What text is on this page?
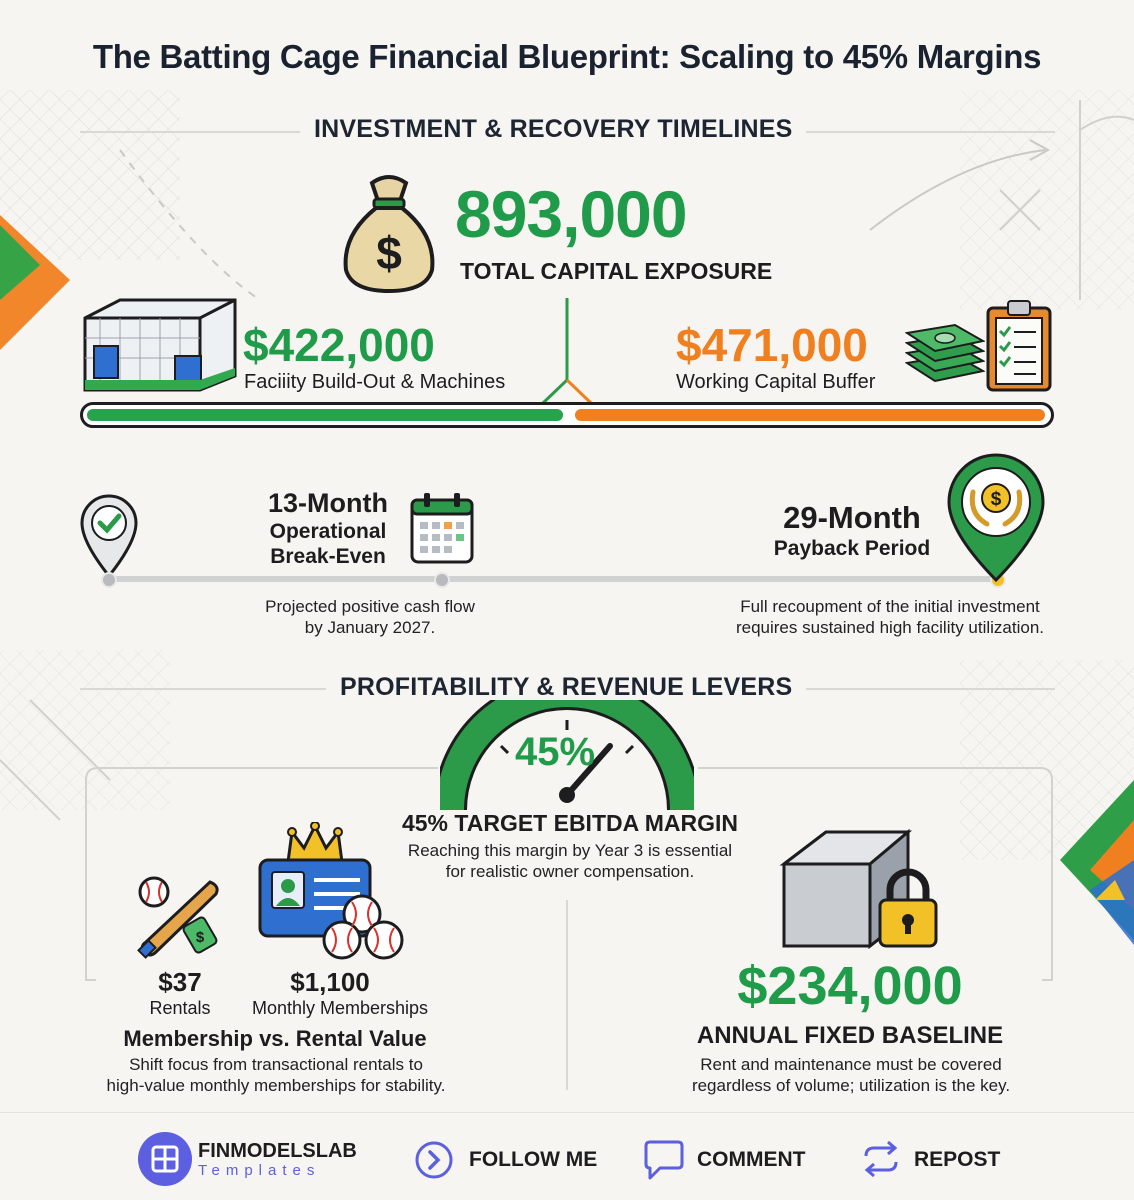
The Batting Cage Financial Blueprint: Scaling to 45% Margins
INVESTMENT & RECOVERY TIMELINES
$
893,000
TOTAL CAPITAL EXPOSURE
$422,000
Faciiity Build-Out & Machines
$471,000
Working Capital Buffer
13-Month
Operational
Break-Even
Projected positive cash flow
by January 2027.
29-Month
Payback Period
$
Full recoupment of the initial investment
requires sustained high facility utilization.
PROFITABILITY & REVENUE LEVERS
45%
45% TARGET EBITDA MARGIN
Reaching this margin by Year 3 is essential
for realistic owner compensation.
$
$37
Rentals
$1,100
Monthly Memberships
Membership vs. Rental Value
Shift focus from transactional rentals to
high-value monthly memberships for stability.
$234,000
ANNUAL FIXED BASELINE
Rent and maintenance must be covered
regardless of volume; utilization is the key.
FINMODELSLAB
Templates	FOLLOW ME	COMMENT	REPOST
